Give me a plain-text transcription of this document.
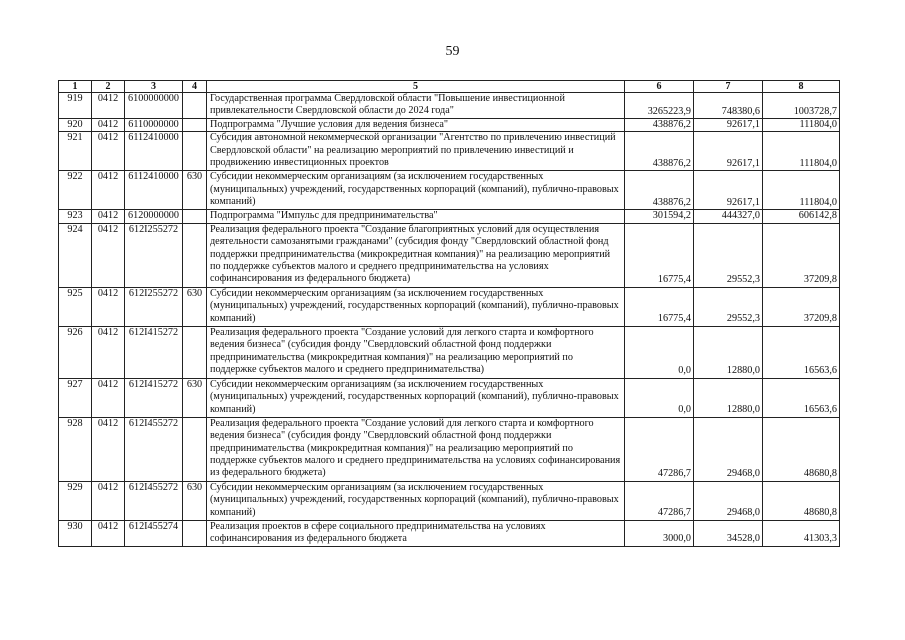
59
1	2	3	4	5	6	7	8
919	0412	6100000000		Государственная программа Свердловской области "Повышение инвестиционной привлекательности Свердловской области до 2024 года"	3265223,9	748380,6	1003728,7
920	0412	6110000000		Подпрограмма "Лучшие условия для ведения бизнеса"	438876,2	92617,1	111804,0
921	0412	6112410000		Субсидия автономной некоммерческой организации "Агентство по привлечению инвестиций Свердловской области" на реализацию мероприятий по привлечению инвестиций и продвижению инвестиционных проектов	438876,2	92617,1	111804,0
922	0412	6112410000	630	Субсидии некоммерческим организациям (за исключением государственных (муниципальных) учреждений, государственных корпораций (компаний), публично-правовых компаний)	438876,2	92617,1	111804,0
923	0412	6120000000		Подпрограмма "Импульс для предпринимательства"	301594,2	444327,0	606142,8
924	0412	612I255272		Реализация федерального проекта "Создание благоприятных условий для осуществления деятельности самозанятыми гражданами" (субсидия фонду "Свердловский областной фонд поддержки предпринимательства (микрокредитная компания)" на реализацию мероприятий по поддержке субъектов малого и среднего предпринимательства на условиях софинансирования из федерального бюджета)	16775,4	29552,3	37209,8
925	0412	612I255272	630	Субсидии некоммерческим организациям (за исключением государственных (муниципальных) учреждений, государственных корпораций (компаний), публично-правовых компаний)	16775,4	29552,3	37209,8
926	0412	612I415272		Реализация федерального проекта "Создание условий для легкого старта и комфортного ведения бизнеса" (субсидия фонду "Свердловский областной фонд поддержки предпринимательства (микрокредитная компания)" на реализацию мероприятий по поддержке субъектов малого и среднего предпринимательства)	0,0	12880,0	16563,6
927	0412	612I415272	630	Субсидии некоммерческим организациям (за исключением государственных (муниципальных) учреждений, государственных корпораций (компаний), публично-правовых компаний)	0,0	12880,0	16563,6
928	0412	612I455272		Реализация федерального проекта "Создание условий для легкого старта и комфортного ведения бизнеса" (субсидия фонду "Свердловский областной фонд поддержки предпринимательства (микрокредитная компания)" на реализацию мероприятий по поддержке субъектов малого и среднего предпринимательства на условиях софинансирования из федерального бюджета)	47286,7	29468,0	48680,8
929	0412	612I455272	630	Субсидии некоммерческим организациям (за исключением государственных (муниципальных) учреждений, государственных корпораций (компаний), публично-правовых компаний)	47286,7	29468,0	48680,8
930	0412	612I455274		Реализация проектов в сфере социального предпринимательства на условиях софинансирования из федерального бюджета	3000,0	34528,0	41303,3
